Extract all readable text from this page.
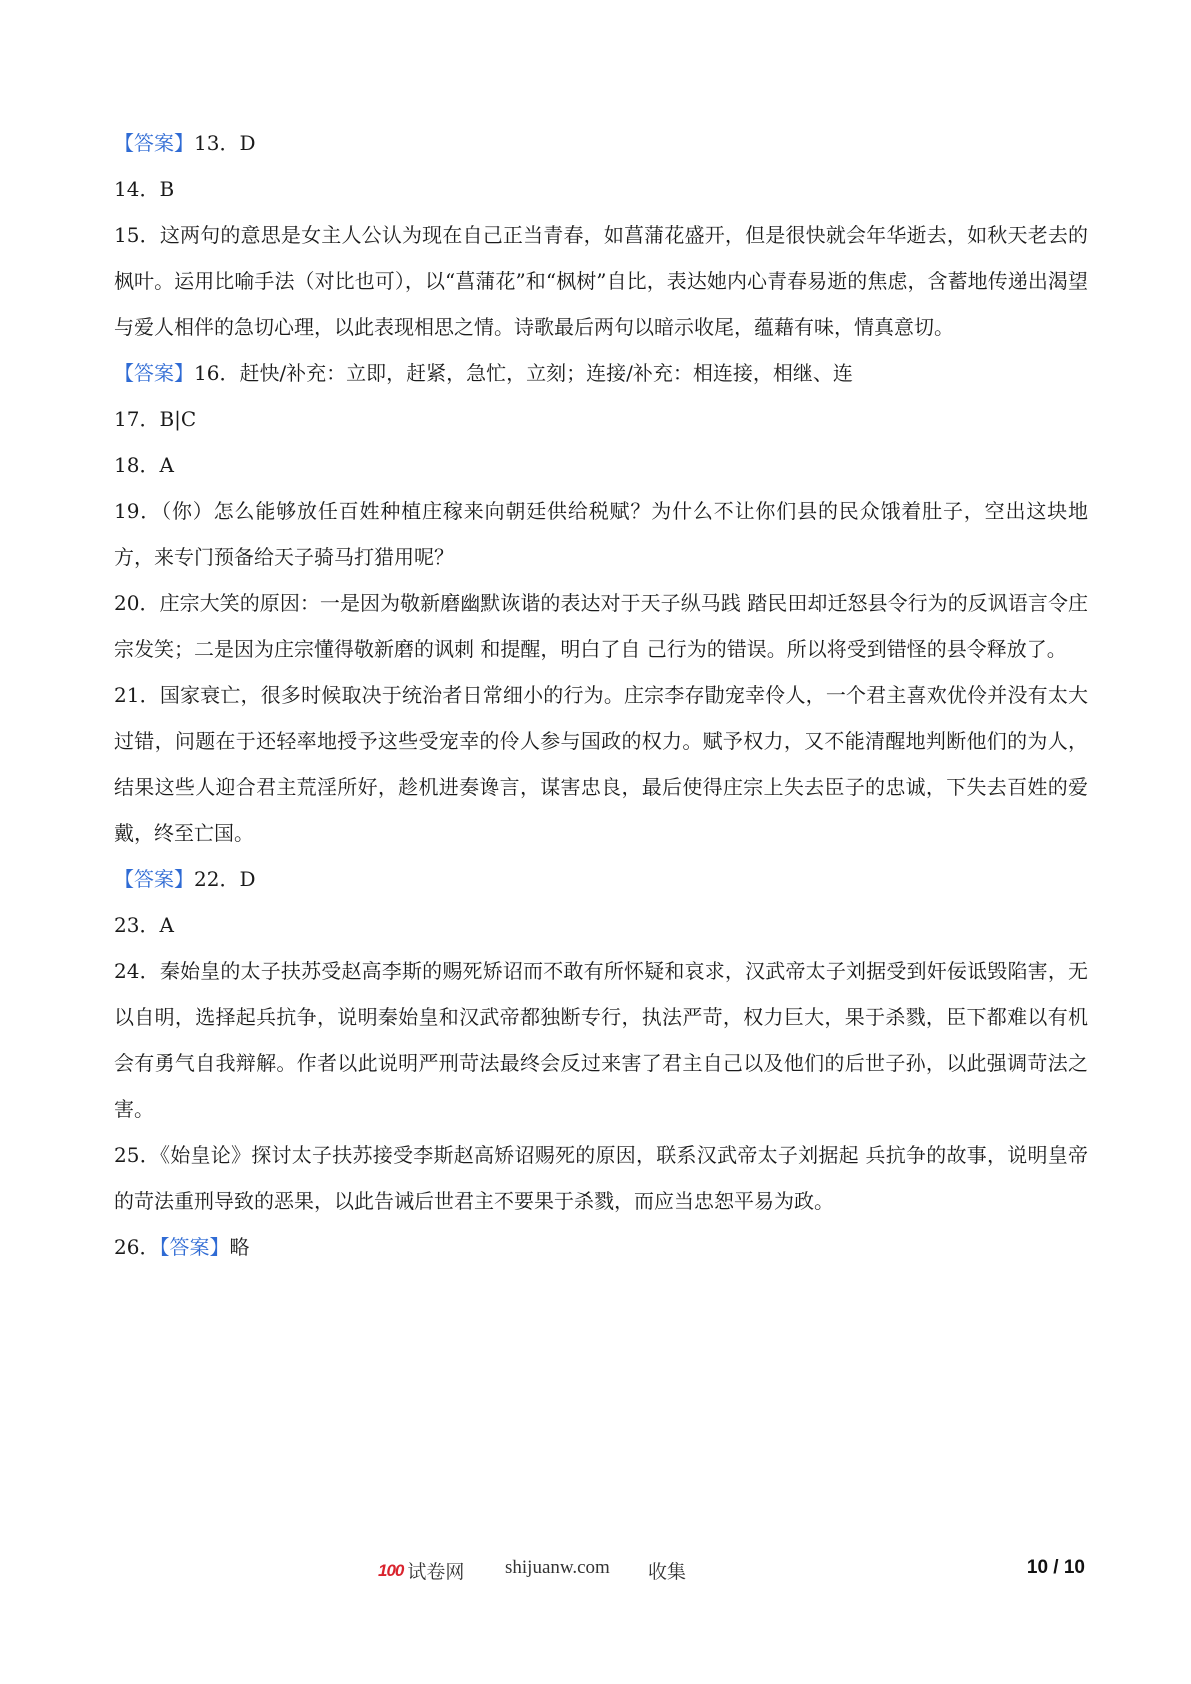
【答案】13．D

14．B

15．这两句的意思是女主人公认为现在自己正当青春，如菖蒲花盛开，但是很快就会年华逝去，如秋天老去的枫叶。运用比喻手法（对比也可），以“菖蒲花”和“枫树”自比，表达她内心青春易逝的焦虑，含蓄地传递出渴望与爱人相伴的急切心理，以此表现相思之情。诗歌最后两句以暗示收尾，蕴藉有味，情真意切。

【答案】16．赶快/补充：立即，赶紧，急忙，立刻；连接/补充：相连接，相继、连

17．B|C

18．A

19．（你）怎么能够放任百姓种植庄稼来向朝廷供给税赋？为什么不让你们县的民众饿着肚子，空出这块地方，来专门预备给天子骑马打猎用呢？

20．庄宗大笑的原因：一是因为敬新磨幽默诙谐的表达对于天子纵马践 踏民田却迁怒县令行为的反讽语言令庄宗发笑；二是因为庄宗懂得敬新磨的讽刺 和提醒，明白了自 己行为的错误。所以将受到错怪的县令释放了。

21．国家衰亡，很多时候取决于统治者日常细小的行为。庄宗李存勖宠幸伶人，一个君主喜欢优伶并没有太大过错，问题在于还轻率地授予这些受宠幸的伶人参与国政的权力。赋予权力，又不能清醒地判断他们的为人，结果这些人迎合君主荒淫所好，趁机进奏谗言，谋害忠良，最后使得庄宗上失去臣子的忠诚，下失去百姓的爱戴，终至亡国。

【答案】22．D

23．A

24．秦始皇的太子扶苏受赵高李斯的赐死矫诏而不敢有所怀疑和哀求，汉武帝太子刘据受到奸佞诋毁陷害，无以自明，选择起兵抗争，说明秦始皇和汉武帝都独断专行，执法严苛，权力巨大，果于杀戮，臣下都难以有机会有勇气自我辩解。作者以此说明严刑苛法最终会反过来害了君主自己以及他们的后世子孙，以此强调苛法之害。

25．《始皇论》探讨太子扶苏接受李斯赵高矫诏赐死的原因，联系汉武帝太子刘据起 兵抗争的故事，说明皇帝的苛法重刑导致的恶果，以此告诫后世君主不要果于杀戮，而应当忠恕平易为政。

26．【答案】略

100 试卷网 shijuanw.com 收集	10 / 10
